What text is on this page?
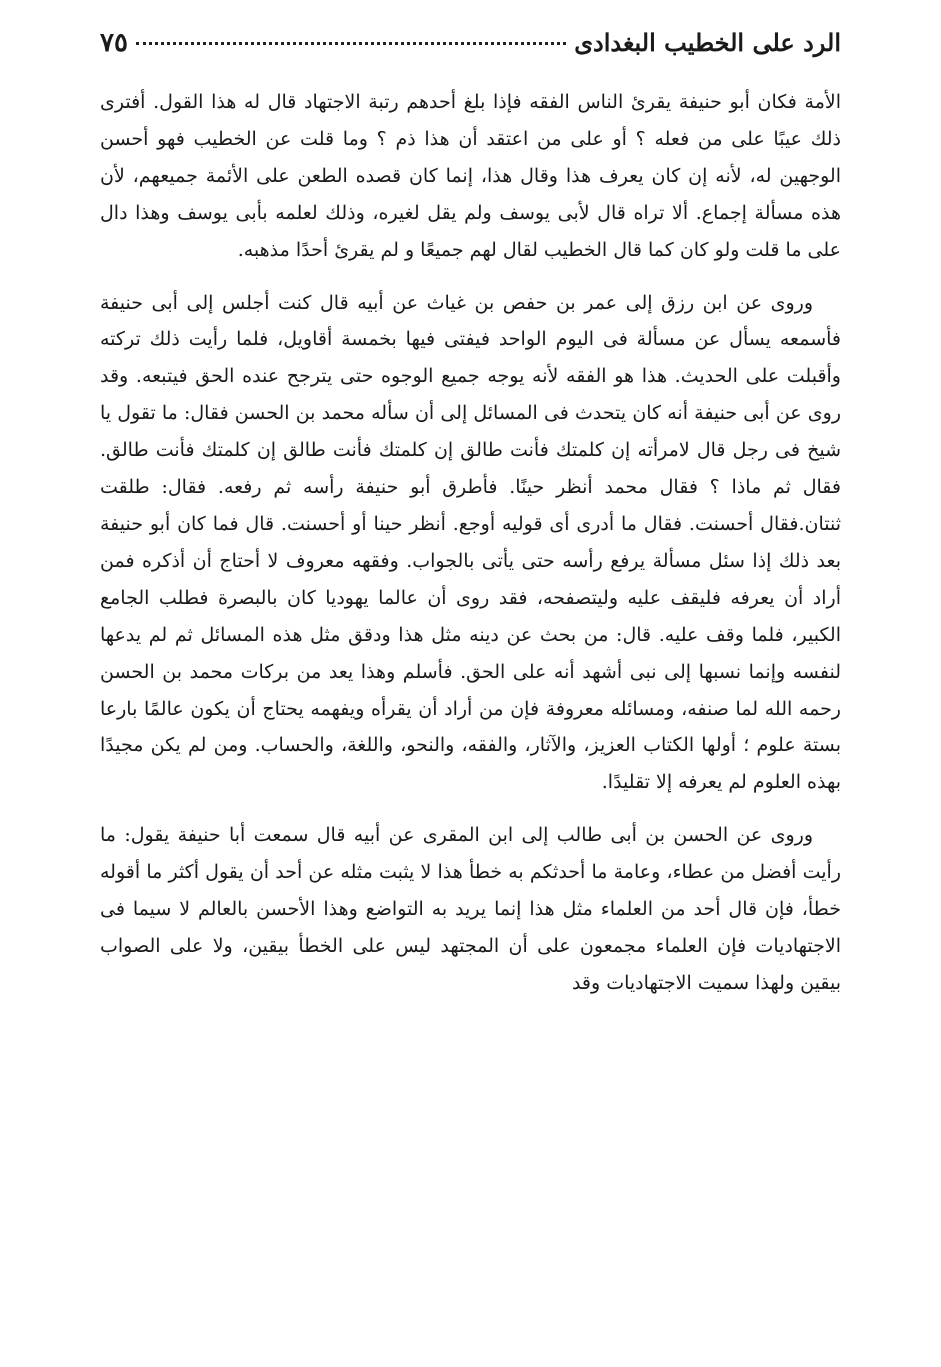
الرد على الخطيب البغدادى
٧٥

الأمة فكان أبو حنيفة يقرئ الناس الفقه فإذا بلغ أحدهم رتبة الاجتهاد قال له هذا القول. أفترى ذلك عيبًا على من فعله ؟ أو على من اعتقد أن هذا ذم ؟ وما قلت عن الخطيب فهو أحسن الوجهين له، لأنه إن كان يعرف هذا وقال هذا، إنما كان قصده الطعن على الأئمة جميعهم، لأن هذه مسألة إجماع. ألا تراه قال لأبى يوسف ولم يقل لغيره، وذلك لعلمه بأبى يوسف وهذا دال على ما قلت ولو كان كما قال الخطيب لقال لهم جميعًا و لم يقرئ أحدًا مذهبه.

وروى عن ابن رزق إلى عمر بن حفص بن غياث عن أبيه قال كنت أجلس إلى أبى حنيفة فأسمعه يسأل عن مسألة فى اليوم الواحد فيفتى فيها بخمسة أقاويل، فلما رأيت ذلك تركته وأقبلت على الحديث. هذا هو الفقه لأنه يوجه جميع الوجوه حتى يترجح عنده الحق فيتبعه. وقد روى عن أبى حنيفة أنه كان يتحدث فى المسائل إلى أن سأله محمد بن الحسن فقال: ما تقول يا شيخ فى رجل قال لامرأته إن كلمتك فأنت طالق إن كلمتك فأنت طالق إن كلمتك فأنت طالق. فقال ثم ماذا ؟ فقال محمد أنظر حينًا. فأطرق أبو حنيفة رأسه ثم رفعه. فقال: طلقت ثنتان.فقال أحسنت. فقال ما أدرى أى قوليه أوجع. أنظر حينا أو أحسنت. قال فما كان أبو حنيفة بعد ذلك إذا سئل مسألة يرفع رأسه حتى يأتى بالجواب. وفقهه معروف لا أحتاج أن أذكره فمن أراد أن يعرفه فليقف عليه وليتصفحه، فقد روى أن عالما يهوديا كان بالبصرة فطلب الجامع الكبير، فلما وقف عليه. قال: من بحث عن دينه مثل هذا ودقق مثل هذه المسائل ثم لم يدعها لنفسه وإنما نسبها إلى نبى أشهد أنه على الحق. فأسلم وهذا يعد من بركات محمد بن الحسن رحمه الله لما صنفه، ومسائله معروفة فإن من أراد أن يقرأه ويفهمه يحتاج أن يكون عالمًا بارعا بستة علوم ؛ أولها الكتاب العزيز، والآثار، والفقه، والنحو، واللغة، والحساب. ومن لم يكن مجيدًا بهذه العلوم لم يعرفه إلا تقليدًا.

وروى عن الحسن بن أبى طالب إلى ابن المقرى عن أبيه قال سمعت أبا حنيفة يقول: ما رأيت أفضل من عطاء، وعامة ما أحدثكم به خطأ هذا لا يثبت مثله عن أحد أن يقول أكثر ما أقوله خطأ، فإن قال أحد من العلماء مثل هذا إنما يريد به التواضع وهذا الأحسن بالعالم لا سيما فى الاجتهاديات فإن العلماء مجمعون على أن المجتهد ليس على الخطأ بيقين، ولا على الصواب بيقين ولهذا سميت الاجتهاديات وقد
